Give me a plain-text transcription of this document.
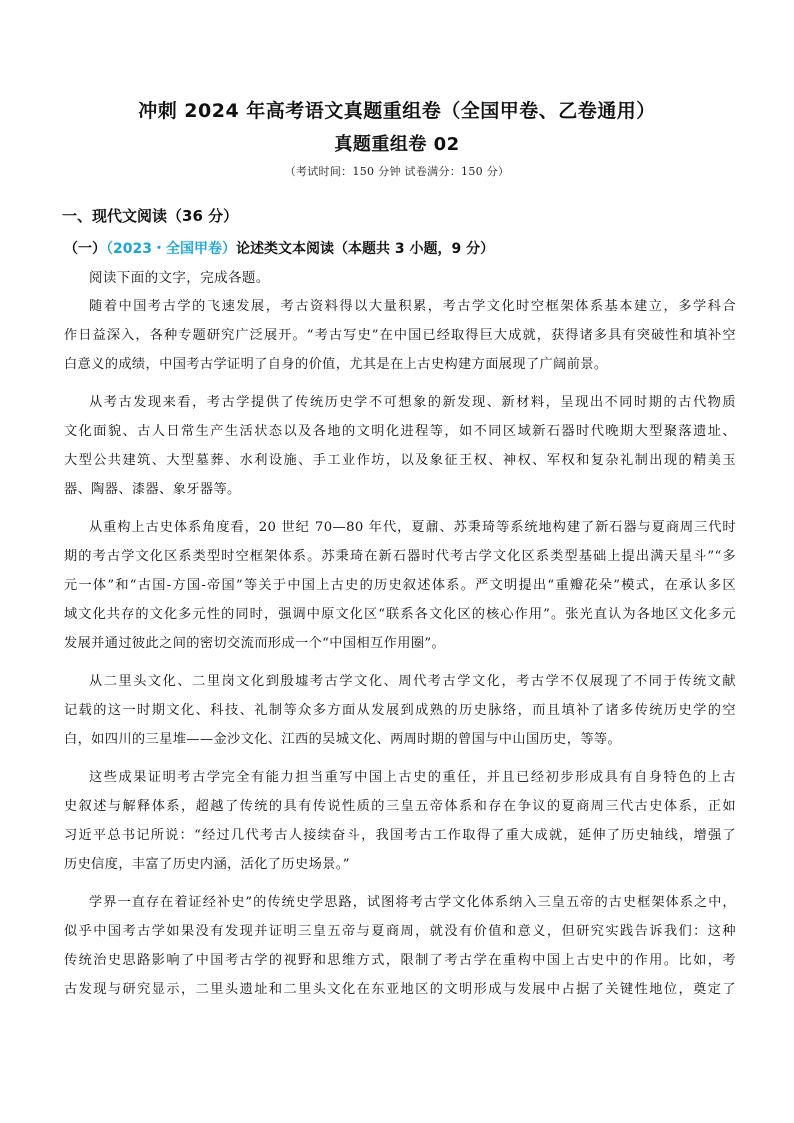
冲刺 2024 年高考语文真题重组卷（全国甲卷、乙卷通用）
真题重组卷 02
（考试时间：150 分钟 试卷满分：150 分）
一、现代文阅读（36 分）
（一）（2023・全国甲卷）论述类文本阅读（本题共 3 小题，9 分）
阅读下面的文字，完成各题。
随着中国考古学的飞速发展，考古资料得以大量积累，考古学文化时空框架体系基本建立，多学科合
作日益深入，各种专题研究广泛展开。“考古写史”在中国已经取得巨大成就，获得诸多具有突破性和填补空
白意义的成绩，中国考古学证明了自身的价值，尤其是在上古史构建方面展现了广阔前景。
从考古发现来看，考古学提供了传统历史学不可想象的新发现、新材料，呈现出不同时期的古代物质
文化面貌、古人日常生产生活状态以及各地的文明化进程等，如不同区域新石器时代晚期大型聚落遗址、
大型公共建筑、大型墓葬、水利设施、手工业作坊，以及象征王权、神权、军权和复杂礼制出现的精美玉
器、陶器、漆器、象牙器等。
从重构上古史体系角度看，20 世纪 70—80 年代，夏鼐、苏秉琦等系统地构建了新石器与夏商周三代时
期的考古学文化区系类型时空框架体系。苏秉琦在新石器时代考古学文化区系类型基础上提出满天星斗”“多
元一体”和“古国-方国-帝国”等关于中国上古史的历史叙述体系。严文明提出“重瓣花朵”模式，在承认多区
域文化共存的文化多元性的同时，强调中原文化区“联系各文化区的核心作用”。张光直认为各地区文化多元
发展并通过彼此之间的密切交流而形成一个“中国相互作用圈”。
从二里头文化、二里岗文化到殷墟考古学文化、周代考古学文化，考古学不仅展现了不同于传统文献
记载的这一时期文化、科技、礼制等众多方面从发展到成熟的历史脉络，而且填补了诸多传统历史学的空
白，如四川的三星堆——金沙文化、江西的吴城文化、两周时期的曾国与中山国历史，等等。
这些成果证明考古学完全有能力担当重写中国上古史的重任，并且已经初步形成具有自身特色的上古
史叙述与解释体系，超越了传统的具有传说性质的三皇五帝体系和存在争议的夏商周三代古史体系，正如
习近平总书记所说：“经过几代考古人接续奋斗，我国考古工作取得了重大成就，延伸了历史轴线，增强了
历史信度，丰富了历史内涵，活化了历史场景。”
学界一直存在着证经补史”的传统史学思路，试图将考古学文化体系纳入三皇五帝的古史框架体系之中，
似乎中国考古学如果没有发现并证明三皇五帝与夏商周，就没有价值和意义，但研究实践告诉我们：这种
传统治史思路影响了中国考古学的视野和思维方式，限制了考古学在重构中国上古史中的作用。比如，考
古发现与研究显示，二里头遗址和二里头文化在东亚地区的文明形成与发展中占据了关键性地位，奠定了
